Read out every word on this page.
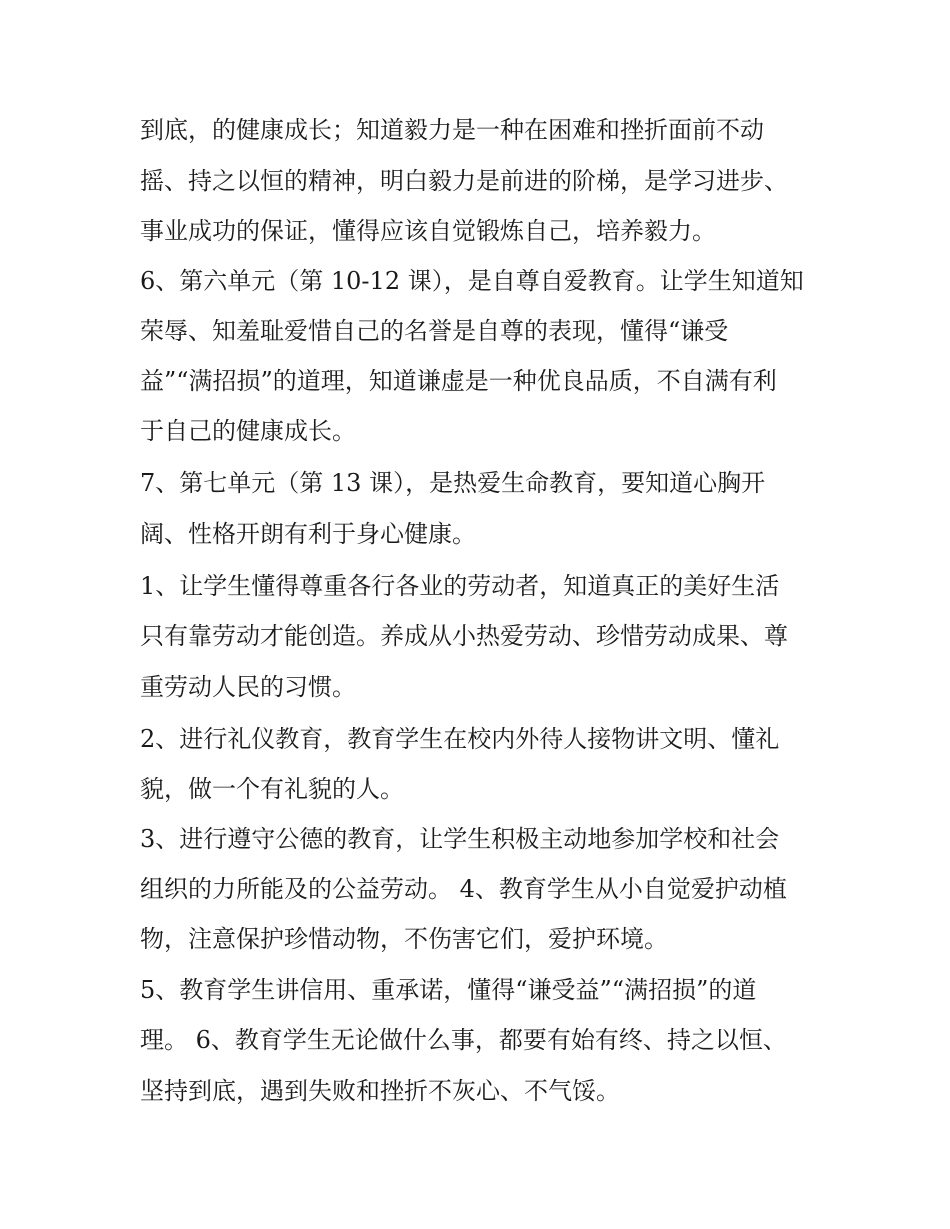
到底，的健康成长；知道毅力是一种在困难和挫折面前不动
摇、持之以恒的精神，明白毅力是前进的阶梯，是学习进步、
事业成功的保证，懂得应该自觉锻炼自己，培养毅力。
6、第六单元（第 10-12 课），是自尊自爱教育。让学生知道知
荣辱、知羞耻爱惜自己的名誉是自尊的表现，懂得“谦受
益”“满招损”的道理，知道谦虚是一种优良品质，不自满有利
于自己的健康成长。
7、第七单元（第 13 课），是热爱生命教育，要知道心胸开
阔、性格开朗有利于身心健康。
1、让学生懂得尊重各行各业的劳动者，知道真正的美好生活
只有靠劳动才能创造。养成从小热爱劳动、珍惜劳动成果、尊
重劳动人民的习惯。
2、进行礼仪教育，教育学生在校内外待人接物讲文明、懂礼
貌，做一个有礼貌的人。
3、进行遵守公德的教育，让学生积极主动地参加学校和社会
组织的力所能及的公益劳动。 4、教育学生从小自觉爱护动植
物，注意保护珍惜动物，不伤害它们，爱护环境。
5、教育学生讲信用、重承诺，懂得“谦受益”“满招损”的道
理。 6、教育学生无论做什么事，都要有始有终、持之以恒、
坚持到底，遇到失败和挫折不灰心、不气馁。
